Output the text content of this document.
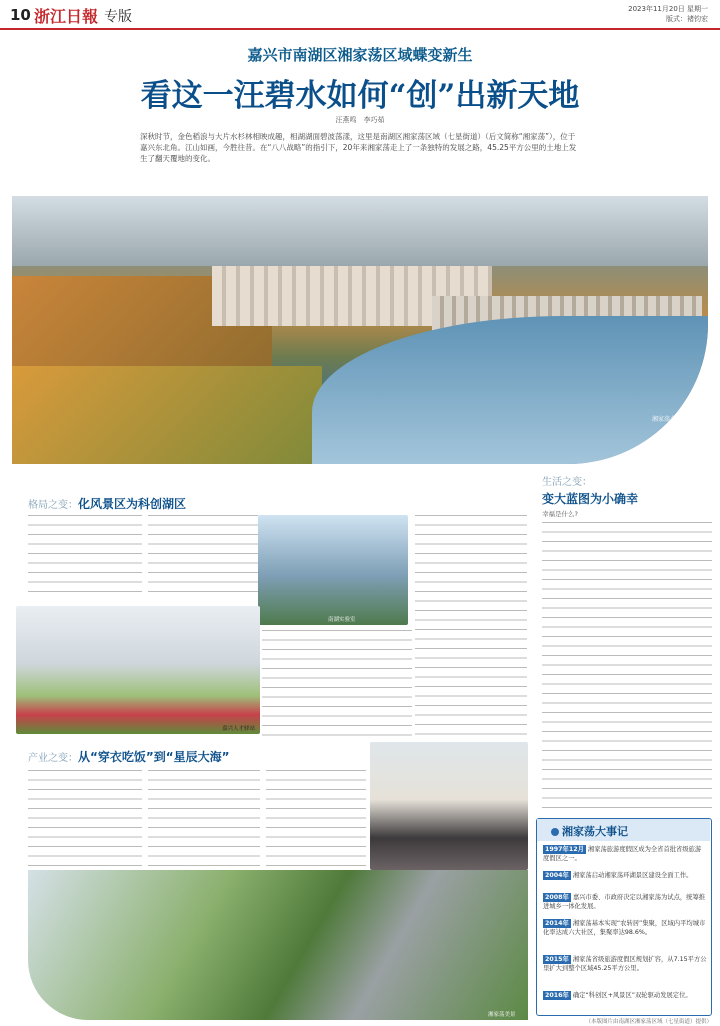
10 浙江日報 专版	2023年11月20日 星期一
版式：褚钧宏
嘉兴市南湖区湘家荡区域蝶变新生
看这一汪碧水如何“创”出新天地
汪燕鸣　李巧茹
深秋时节，金色稻浪与大片水杉林相映成趣，相湖湖面碧波荡漾，这里是南湖区湘家荡区域（七星街道）（后文简称“湘家荡”），位于嘉兴东北角。江山如画，今胜往昔。在“八八战略”的指引下，20年来湘家荡走上了一条独特的发展之路，45.25平方公里的土地上发生了翻天覆地的变化。
湘家荡全景
格局之变：化风景区为科创湖区
南湖实验室
嘉兴人才驿站
产业之变：从“穿衣吃饭”到“星辰大海”
湘家荡美景
生活之变：
变大蓝图为小确幸
幸福是什么?
湘家荡大事记
1997年12月 湘家荡旅游度假区成为全省首批省级旅游度假区之一。
2004年 湘家荡启动湘家荡环湖景区建设全面工作。
2008年 嘉兴市委、市政府决定以湘家荡为试点，统筹推进城乡一体化发展。
2014年 湘家荡基本实现“农转居”集聚，区域内平均城市化率达成六大社区，集聚率达98.6%。
2015年 湘家荡省级旅游度假区规划扩容，从7.15平方公里扩大到整个区域45.25平方公里。
2016年 确定“科创区+风景区”双轮驱动发展定位。
（本版图片由南湖区湘家荡区域（七星街道）提供）
